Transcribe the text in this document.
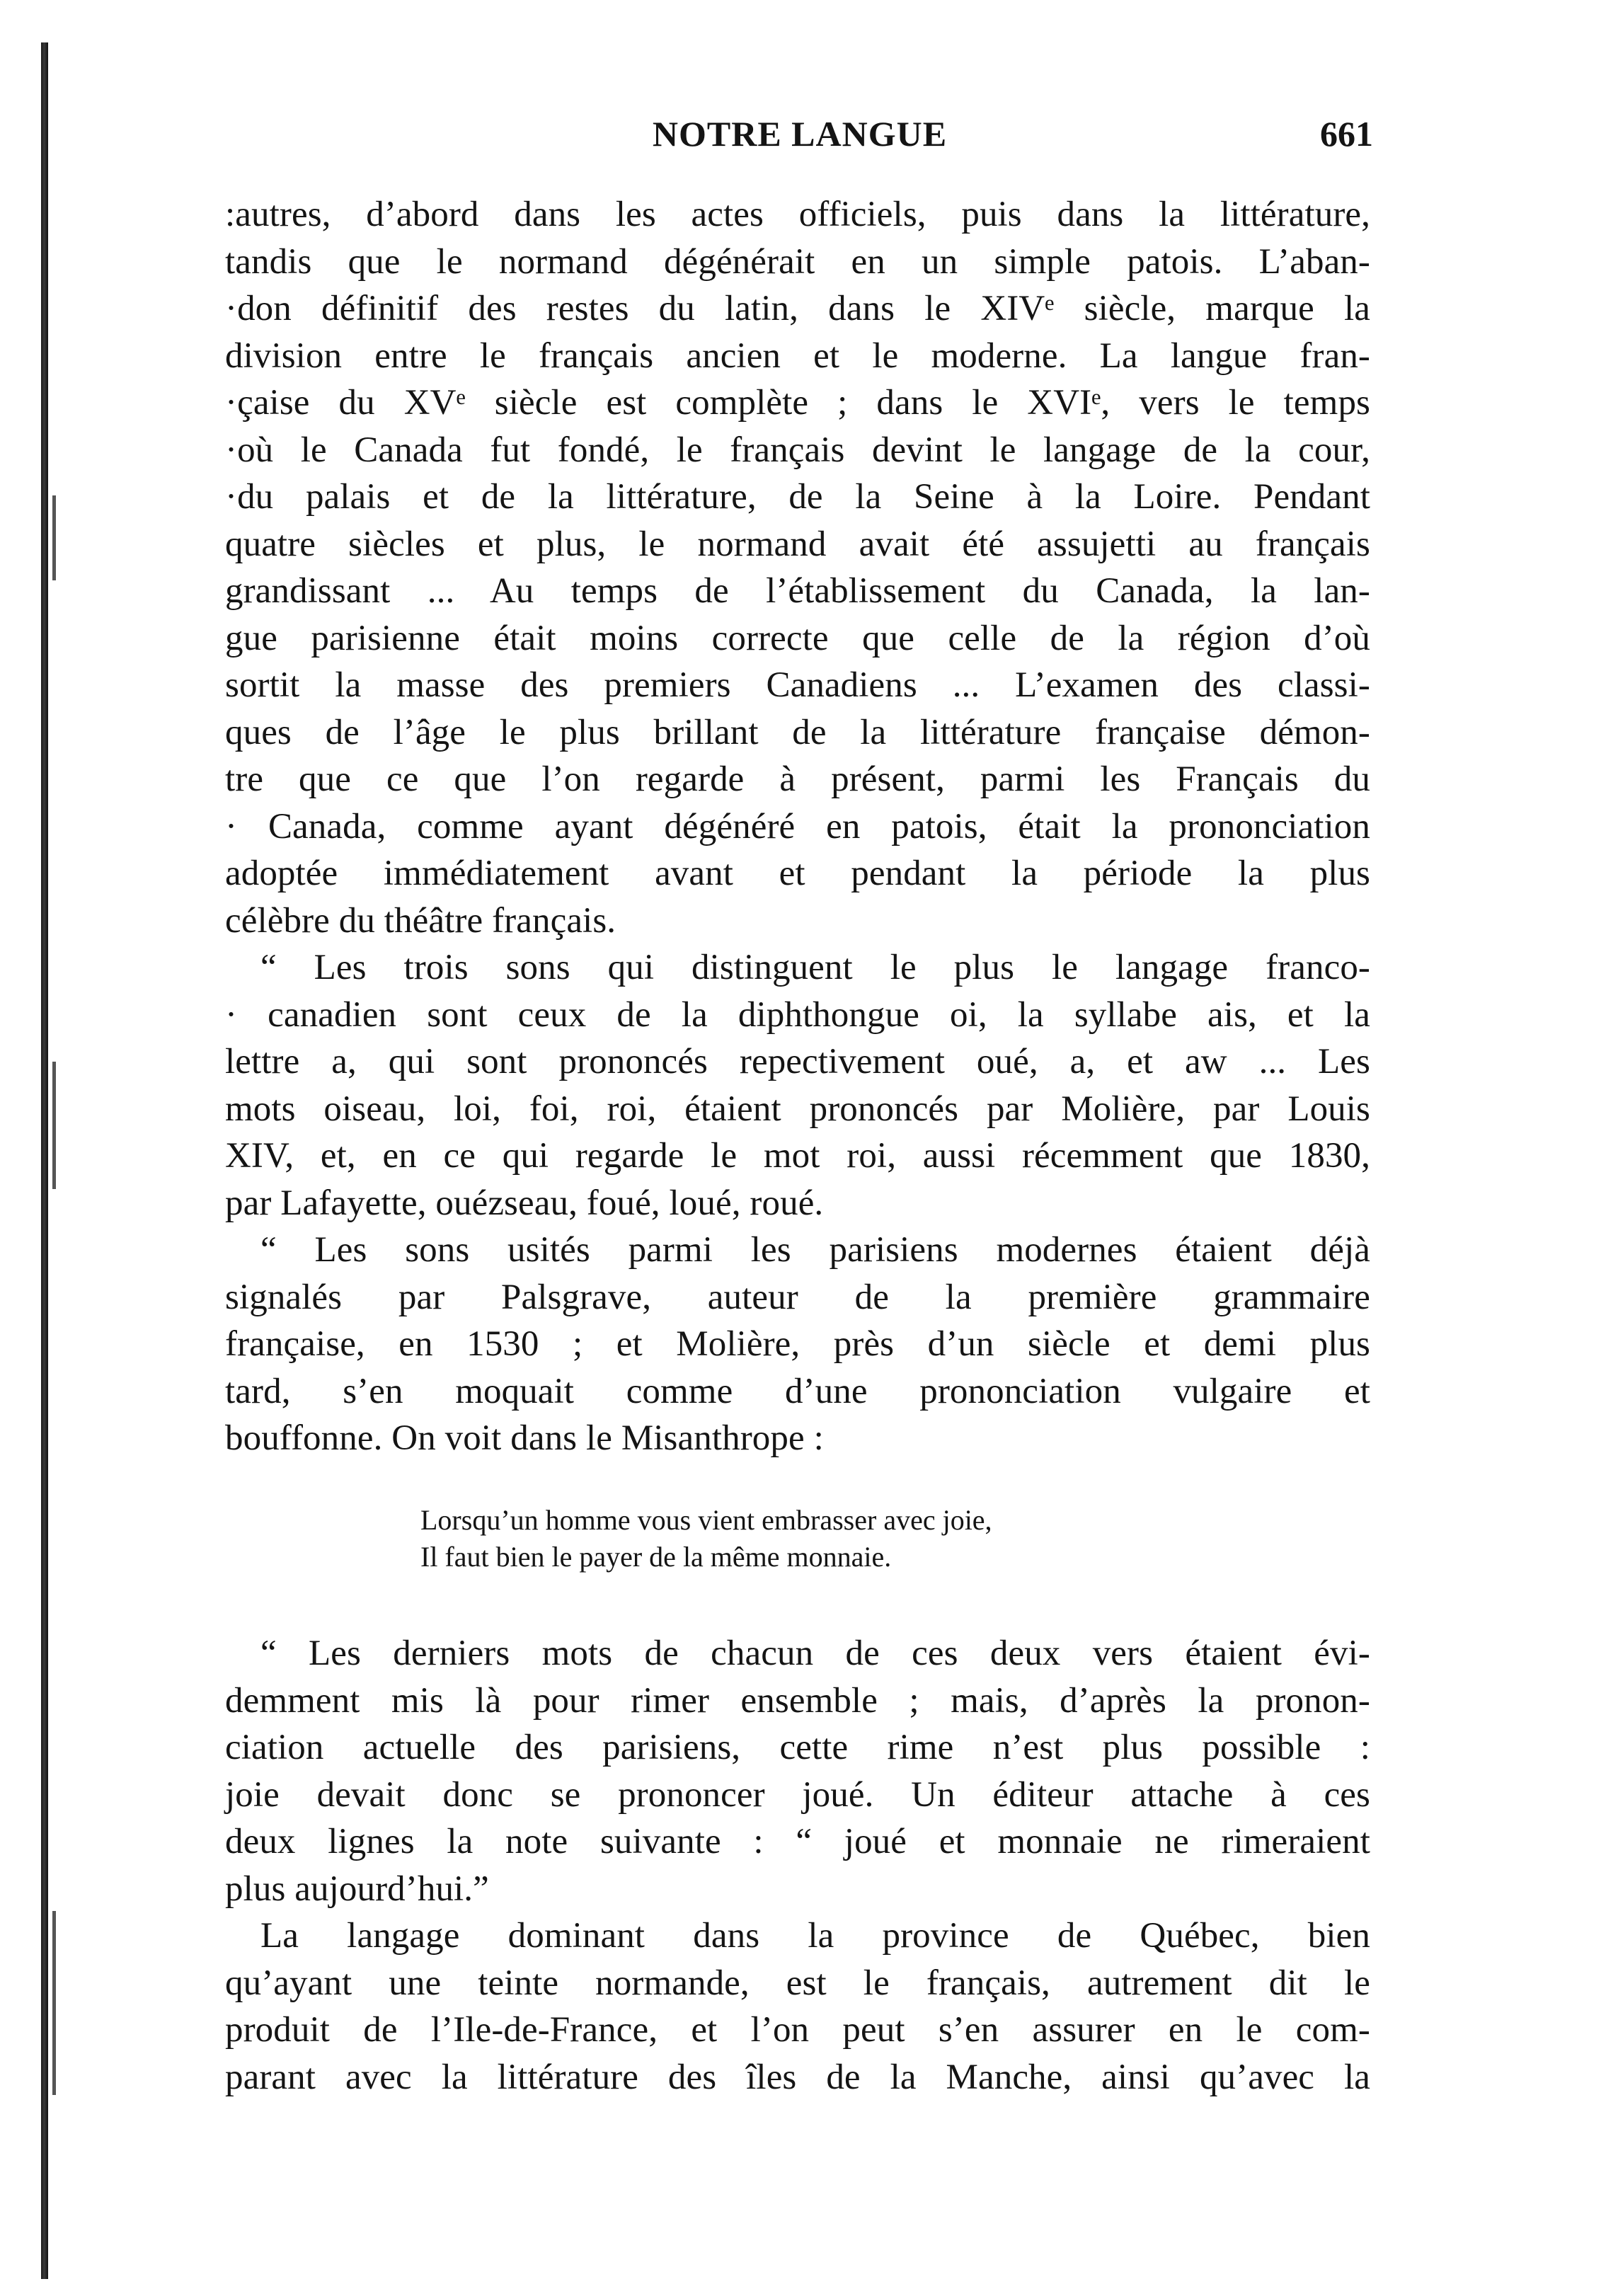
NOTRE LANGUE	661
:autres, d’abord dans les actes officiels, puis dans la littérature,
tandis que le normand dégénérait en un simple patois. L’aban-
·don définitif des restes du latin, dans le XIVᵉ siècle, marque la
division entre le français ancien et le moderne. La langue fran-
·çaise du XVᵉ siècle est complète ; dans le XVIᵉ, vers le temps
·où le Canada fut fondé, le français devint le langage de la cour,
·du palais et de la littérature, de la Seine à la Loire. Pendant
quatre siècles et plus, le normand avait été assujetti au français
grandissant ... Au temps de l’établissement du Canada, la lan-
gue parisienne était moins correcte que celle de la région d’où
sortit la masse des premiers Canadiens ... L’examen des classi-
ques de l’âge le plus brillant de la littérature française démon-
tre que ce que l’on regarde à présent, parmi les Français du
· Canada, comme ayant dégénéré en patois, était la prononciation
adoptée immédiatement avant et pendant la période la plus
célèbre du théâtre français.
“ Les trois sons qui distinguent le plus le langage franco-
· canadien sont ceux de la diphthongue oi, la syllabe ais, et la
lettre a, qui sont prononcés repectivement oué, a, et aw ... Les
mots oiseau, loi, foi, roi, étaient prononcés par Molière, par Louis
XIV, et, en ce qui regarde le mot roi, aussi récemment que 1830,
par Lafayette, ouézseau, foué, loué, roué.
“ Les sons usités parmi les parisiens modernes étaient déjà
signalés par Palsgrave, auteur de la première grammaire
française, en 1530 ; et Molière, près d’un siècle et demi plus
tard, s’en moquait comme d’une prononciation vulgaire et
bouffonne. On voit dans le Misanthrope :
Lorsqu’un homme vous vient embrasser avec joie,
Il faut bien le payer de la même monnaie.
“ Les derniers mots de chacun de ces deux vers étaient évi-
demment mis là pour rimer ensemble ; mais, d’après la pronon-
ciation actuelle des parisiens, cette rime n’est plus possible :
joie devait donc se prononcer joué. Un éditeur attache à ces
deux lignes la note suivante : “ joué et monnaie ne rimeraient
plus aujourd’hui.”
La langage dominant dans la province de Québec, bien
qu’ayant une teinte normande, est le français, autrement dit le
produit de l’Ile-de-France, et l’on peut s’en assurer en le com-
parant avec la littérature des îles de la Manche, ainsi qu’avec la
